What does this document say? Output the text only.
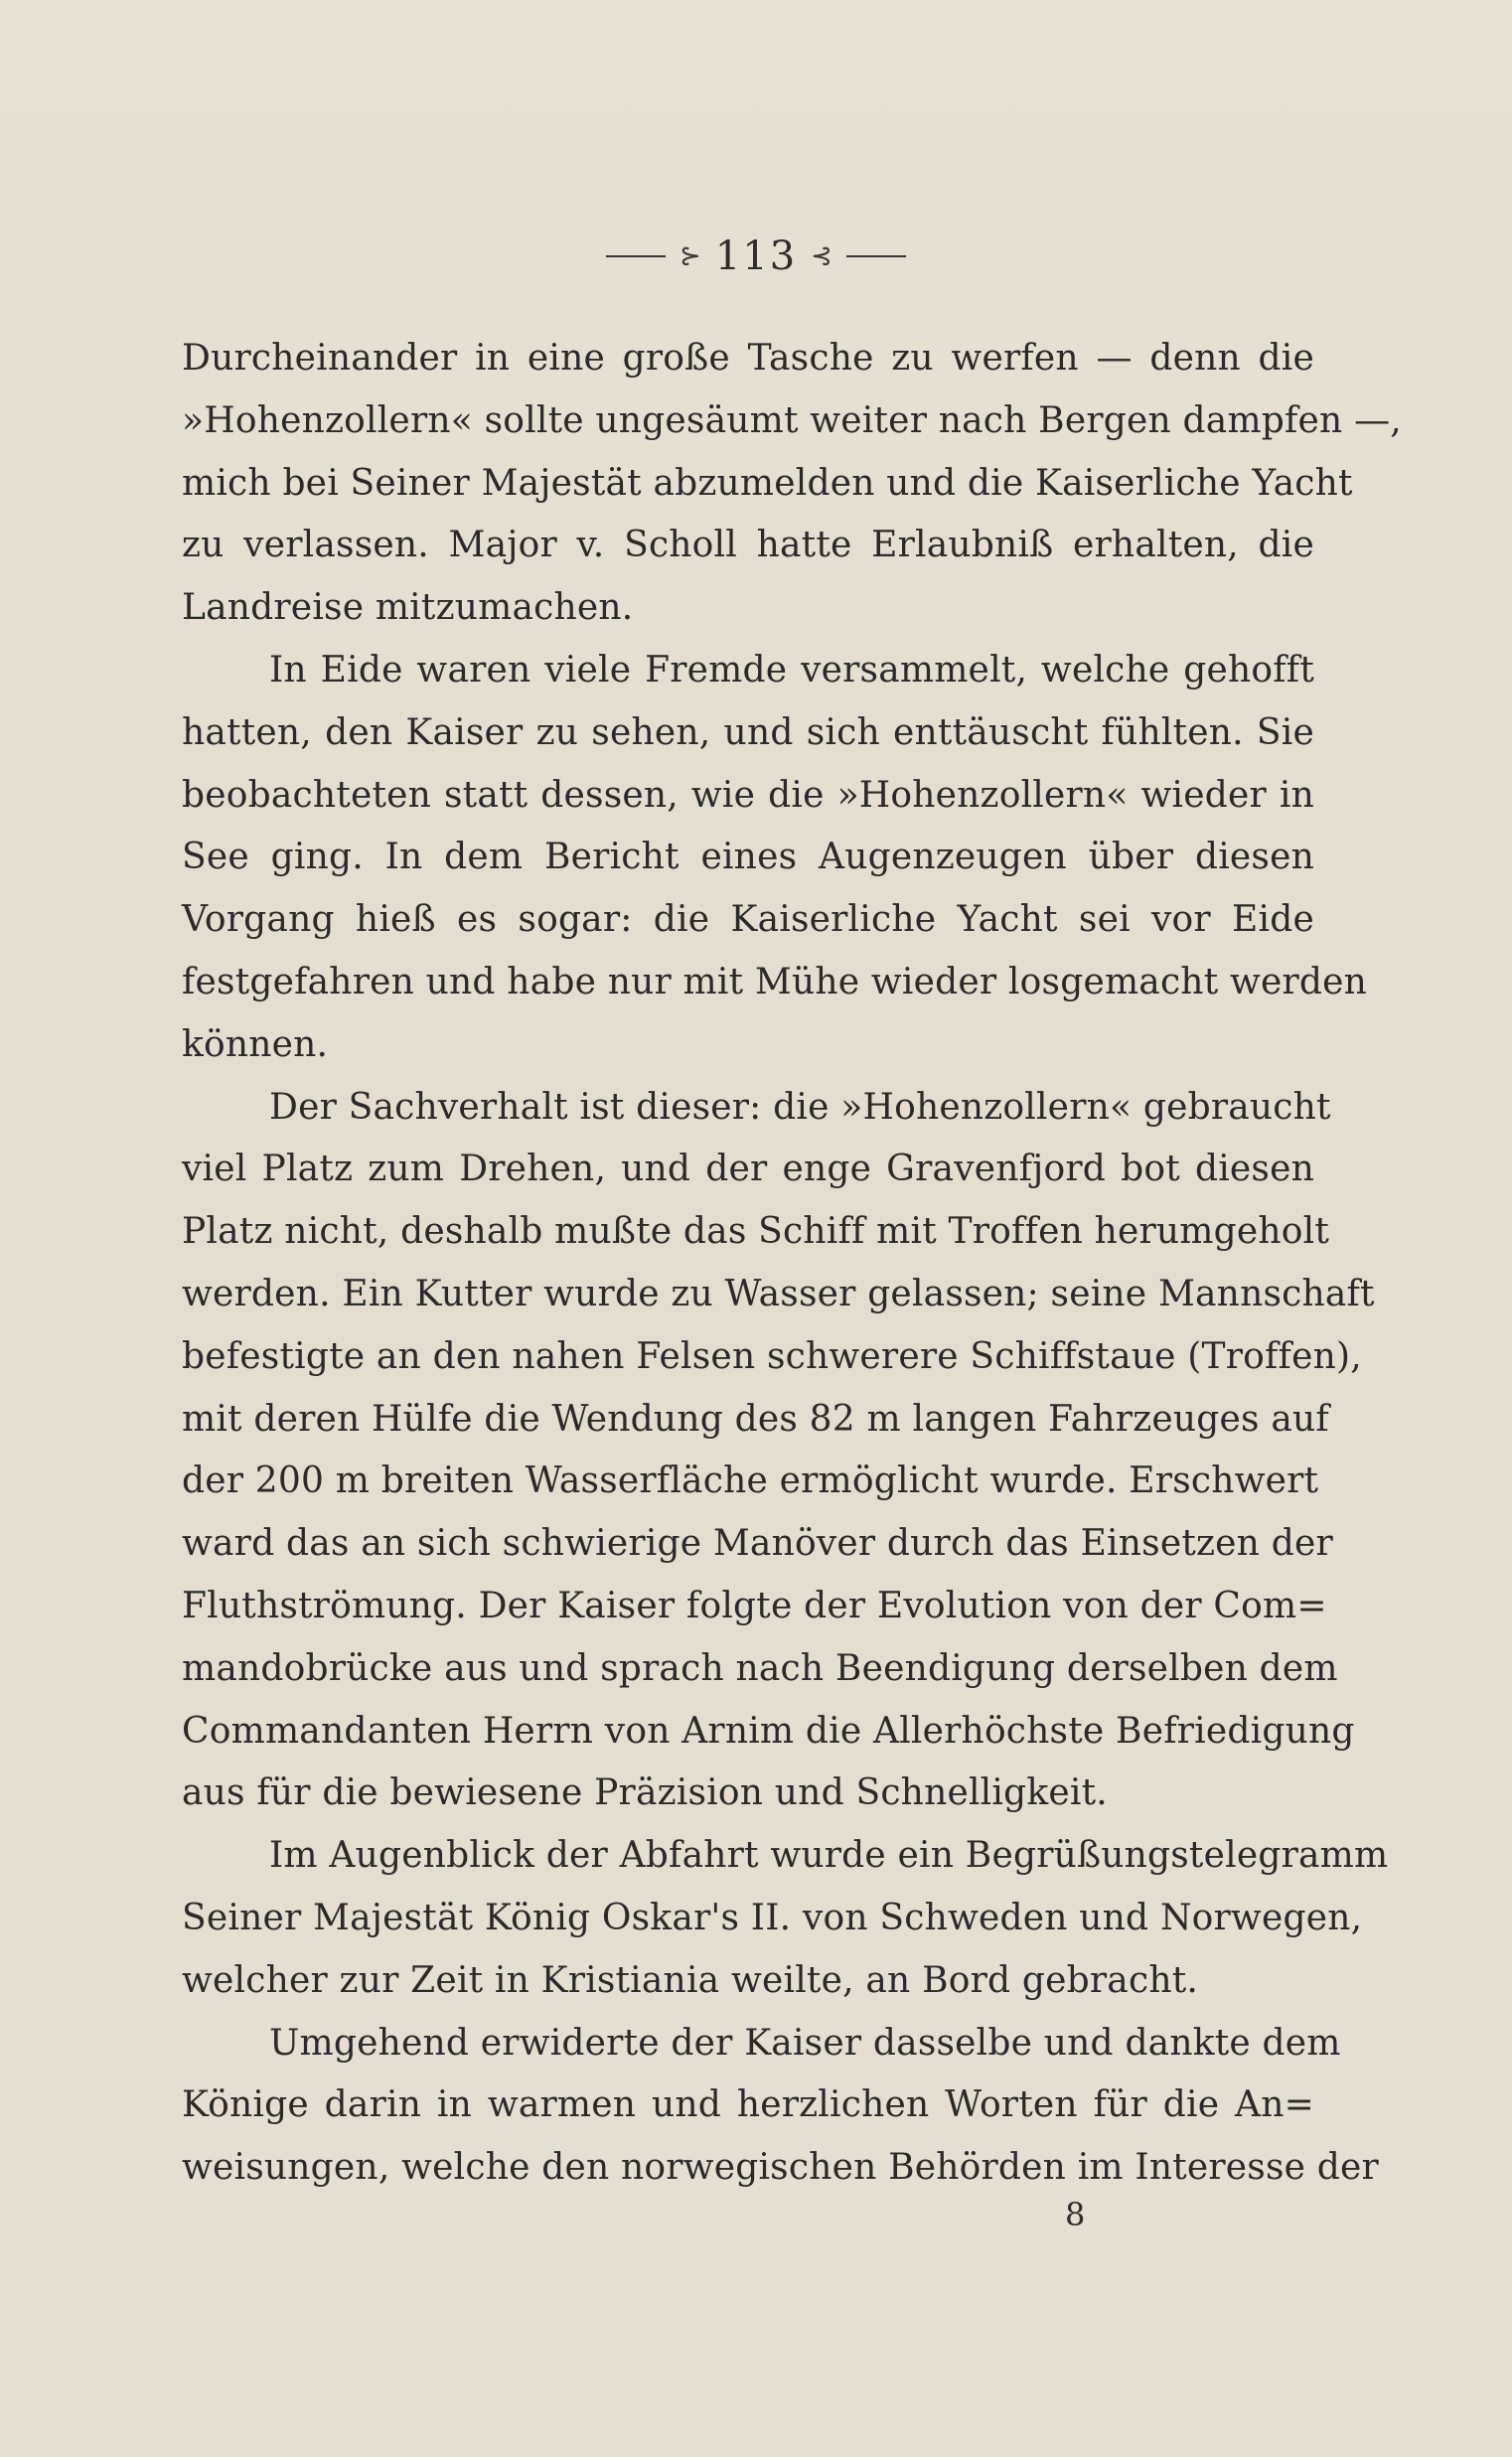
⊱ 113 ⊰
Durcheinander in eine große Tasche zu werfen — denn die
»Hohenzollern« sollte ungesäumt weiter nach Bergen dampfen —,
mich bei Seiner Majestät abzumelden und die Kaiserliche Yacht
zu verlassen. Major v. Scholl hatte Erlaubniß erhalten, die
Landreise mitzumachen.
In Eide waren viele Fremde versammelt, welche gehofft
hatten, den Kaiser zu sehen, und sich enttäuscht fühlten. Sie
beobachteten statt dessen, wie die »Hohenzollern« wieder in
See ging. In dem Bericht eines Augenzeugen über diesen
Vorgang hieß es sogar: die Kaiserliche Yacht sei vor Eide
festgefahren und habe nur mit Mühe wieder losgemacht werden
können.
Der Sachverhalt ist dieser: die »Hohenzollern« gebraucht
viel Platz zum Drehen, und der enge Gravenfjord bot diesen
Platz nicht, deshalb mußte das Schiff mit Troffen herumgeholt
werden. Ein Kutter wurde zu Wasser gelassen; seine Mannschaft
befestigte an den nahen Felsen schwerere Schiffstaue (Troffen),
mit deren Hülfe die Wendung des 82 m langen Fahrzeuges auf
der 200 m breiten Wasserfläche ermöglicht wurde. Erschwert
ward das an sich schwierige Manöver durch das Einsetzen der
Fluthströmung. Der Kaiser folgte der Evolution von der Com=
mandobrücke aus und sprach nach Beendigung derselben dem
Commandanten Herrn von Arnim die Allerhöchste Befriedigung
aus für die bewiesene Präzision und Schnelligkeit.
Im Augenblick der Abfahrt wurde ein Begrüßungstelegramm
Seiner Majestät König Oskar's II. von Schweden und Norwegen,
welcher zur Zeit in Kristiania weilte, an Bord gebracht.
Umgehend erwiderte der Kaiser dasselbe und dankte dem
Könige darin in warmen und herzlichen Worten für die An=
weisungen, welche den norwegischen Behörden im Interesse der
8
